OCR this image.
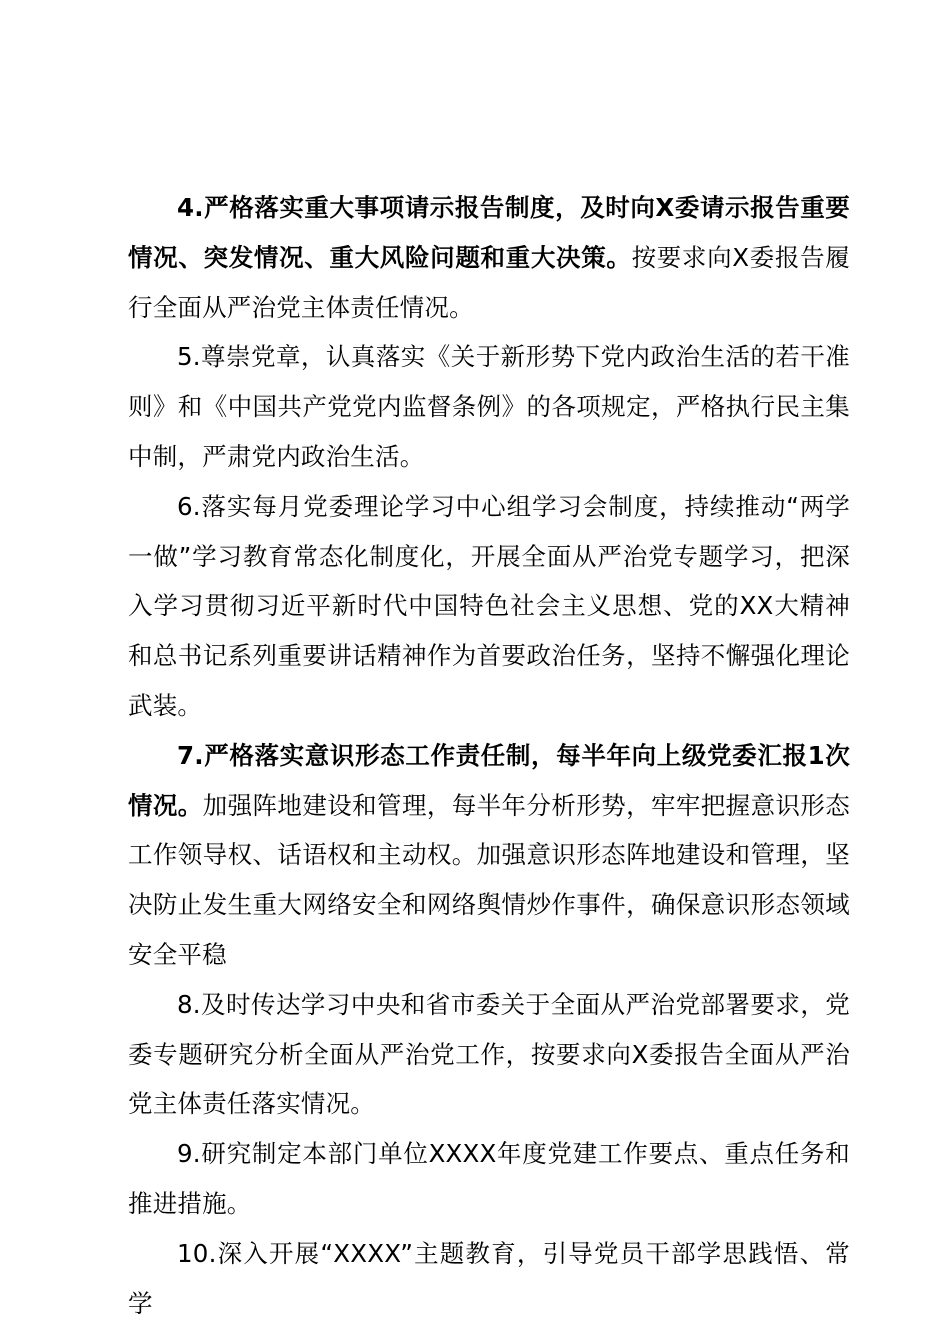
4.严格落实重大事项请示报告制度，及时向X委请示报告重要情况、突发情况、重大风险问题和重大决策。按要求向X委报告履行全面从严治党主体责任情况。

5.尊崇党章，认真落实《关于新形势下党内政治生活的若干准则》和《中国共产党党内监督条例》的各项规定，严格执行民主集中制，严肃党内政治生活。

6.落实每月党委理论学习中心组学习会制度，持续推动“两学一做”学习教育常态化制度化，开展全面从严治党专题学习，把深入学习贯彻习近平新时代中国特色社会主义思想、党的XX大精神和总书记系列重要讲话精神作为首要政治任务，坚持不懈强化理论武装。

7.严格落实意识形态工作责任制，每半年向上级党委汇报1次情况。加强阵地建设和管理，每半年分析形势，牢牢把握意识形态工作领导权、话语权和主动权。加强意识形态阵地建设和管理，坚决防止发生重大网络安全和网络舆情炒作事件，确保意识形态领域安全平稳

8.及时传达学习中央和省市委关于全面从严治党部署要求，党委专题研究分析全面从严治党工作，按要求向X委报告全面从严治党主体责任落实情况。

9.研究制定本部门单位XXXX年度党建工作要点、重点任务和推进措施。

10.深入开展“XXXX”主题教育，引导党员干部学思践悟、常学
